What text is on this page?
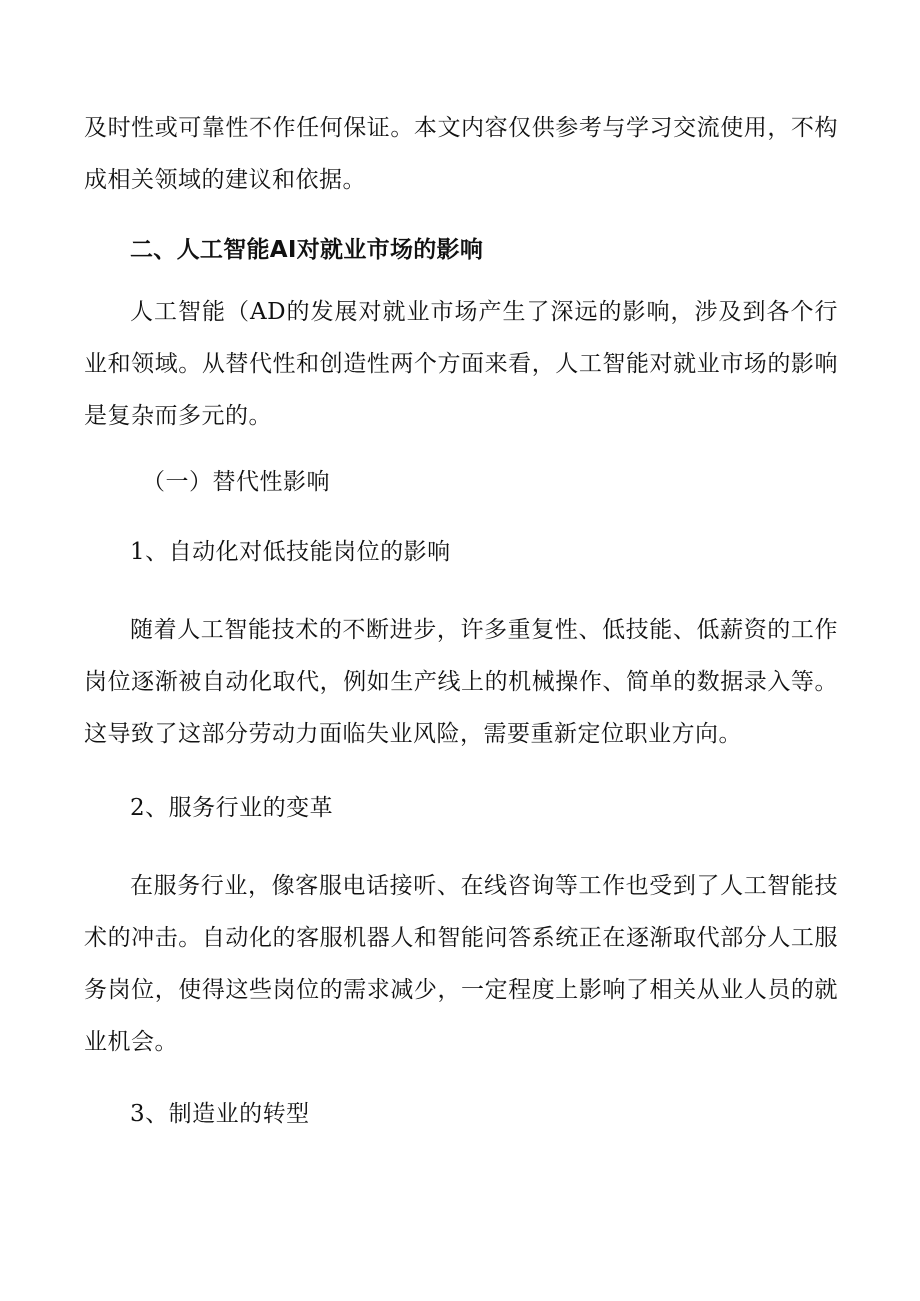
及时性或可靠性不作任何保证。本文内容仅供参考与学习交流使用，不构成相关领域的建议和依据。

二、人工智能AI对就业市场的影响

人工智能（AD的发展对就业市场产生了深远的影响，涉及到各个行业和领域。从替代性和创造性两个方面来看，人工智能对就业市场的影响是复杂而多元的。

（一）替代性影响

1、自动化对低技能岗位的影响

随着人工智能技术的不断进步，许多重复性、低技能、低薪资的工作岗位逐渐被自动化取代，例如生产线上的机械操作、简单的数据录入等。这导致了这部分劳动力面临失业风险，需要重新定位职业方向。

2、服务行业的变革

在服务行业，像客服电话接听、在线咨询等工作也受到了人工智能技术的冲击。自动化的客服机器人和智能问答系统正在逐渐取代部分人工服务岗位，使得这些岗位的需求减少，一定程度上影响了相关从业人员的就业机会。

3、制造业的转型
